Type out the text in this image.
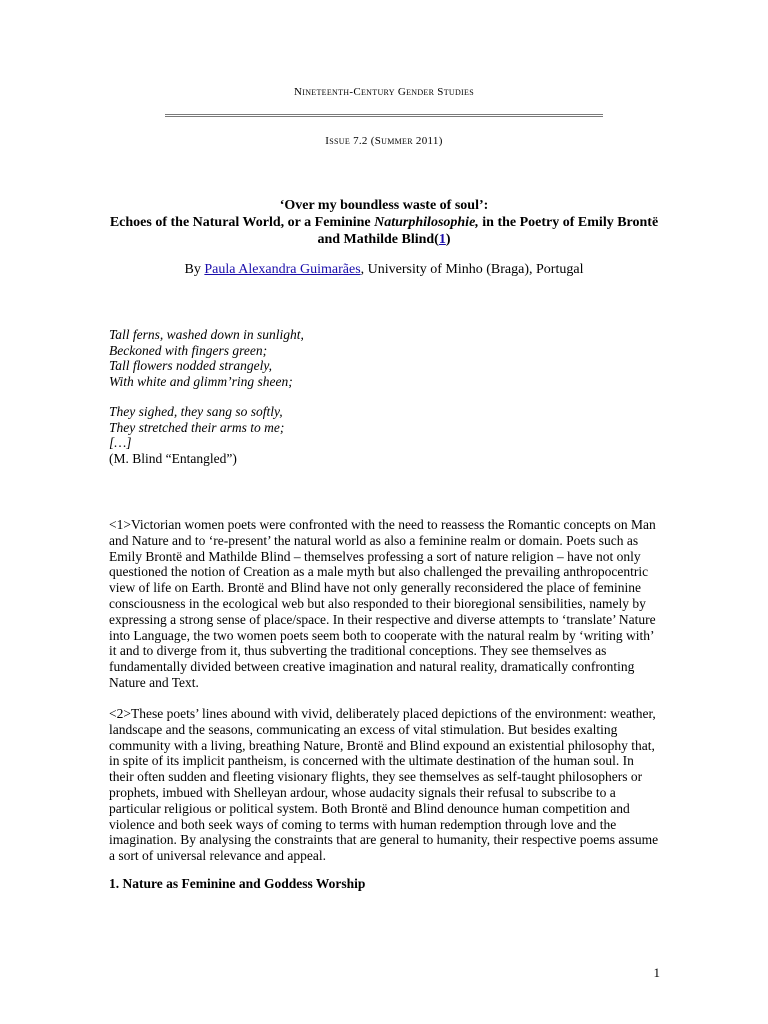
Nineteenth-Century Gender Studies
Issue 7.2 (Summer 2011)
‘Over my boundless waste of soul’:
Echoes of the Natural World, or a Feminine Naturphilosophie, in the Poetry of Emily Brontë and Mathilde Blind(1)
By Paula Alexandra Guimarães, University of Minho (Braga), Portugal
Tall ferns, washed down in sunlight,
Beckoned with fingers green;
Tall flowers nodded strangely,
With white and glimm’ring sheen;
They sighed, they sang so softly,
They stretched their arms to me;
[…]
(M. Blind “Entangled”)

<1>Victorian women poets were confronted with the need to reassess the Romantic concepts on Man and Nature and to ‘re-present’ the natural world as also a feminine realm or domain. Poets such as Emily Brontë and Mathilde Blind – themselves professing a sort of nature religion – have not only questioned the notion of Creation as a male myth but also challenged the prevailing anthropocentric view of life on Earth. Brontë and Blind have not only generally reconsidered the place of feminine consciousness in the ecological web but also responded to their bioregional sensibilities, namely by expressing a strong sense of place/space. In their respective and diverse attempts to ‘translate’ Nature into Language, the two women poets seem both to cooperate with the natural realm by ‘writing with’ it and to diverge from it, thus subverting the traditional conceptions. They see themselves as fundamentally divided between creative imagination and natural reality, dramatically confronting Nature and Text.

<2>These poets’ lines abound with vivid, deliberately placed depictions of the environment: weather, landscape and the seasons, communicating an excess of vital stimulation. But besides exalting community with a living, breathing Nature, Brontë and Blind expound an existential philosophy that, in spite of its implicit pantheism, is concerned with the ultimate destination of the human soul. In their often sudden and fleeting visionary flights, they see themselves as self-taught philosophers or prophets, imbued with Shelleyan ardour, whose audacity signals their refusal to subscribe to a particular religious or political system. Both Brontë and Blind denounce human competition and violence and both seek ways of coming to terms with human redemption through love and the imagination. By analysing the constraints that are general to humanity, their respective poems assume a sort of universal relevance and appeal.

1. Nature as Feminine and Goddess Worship
1
